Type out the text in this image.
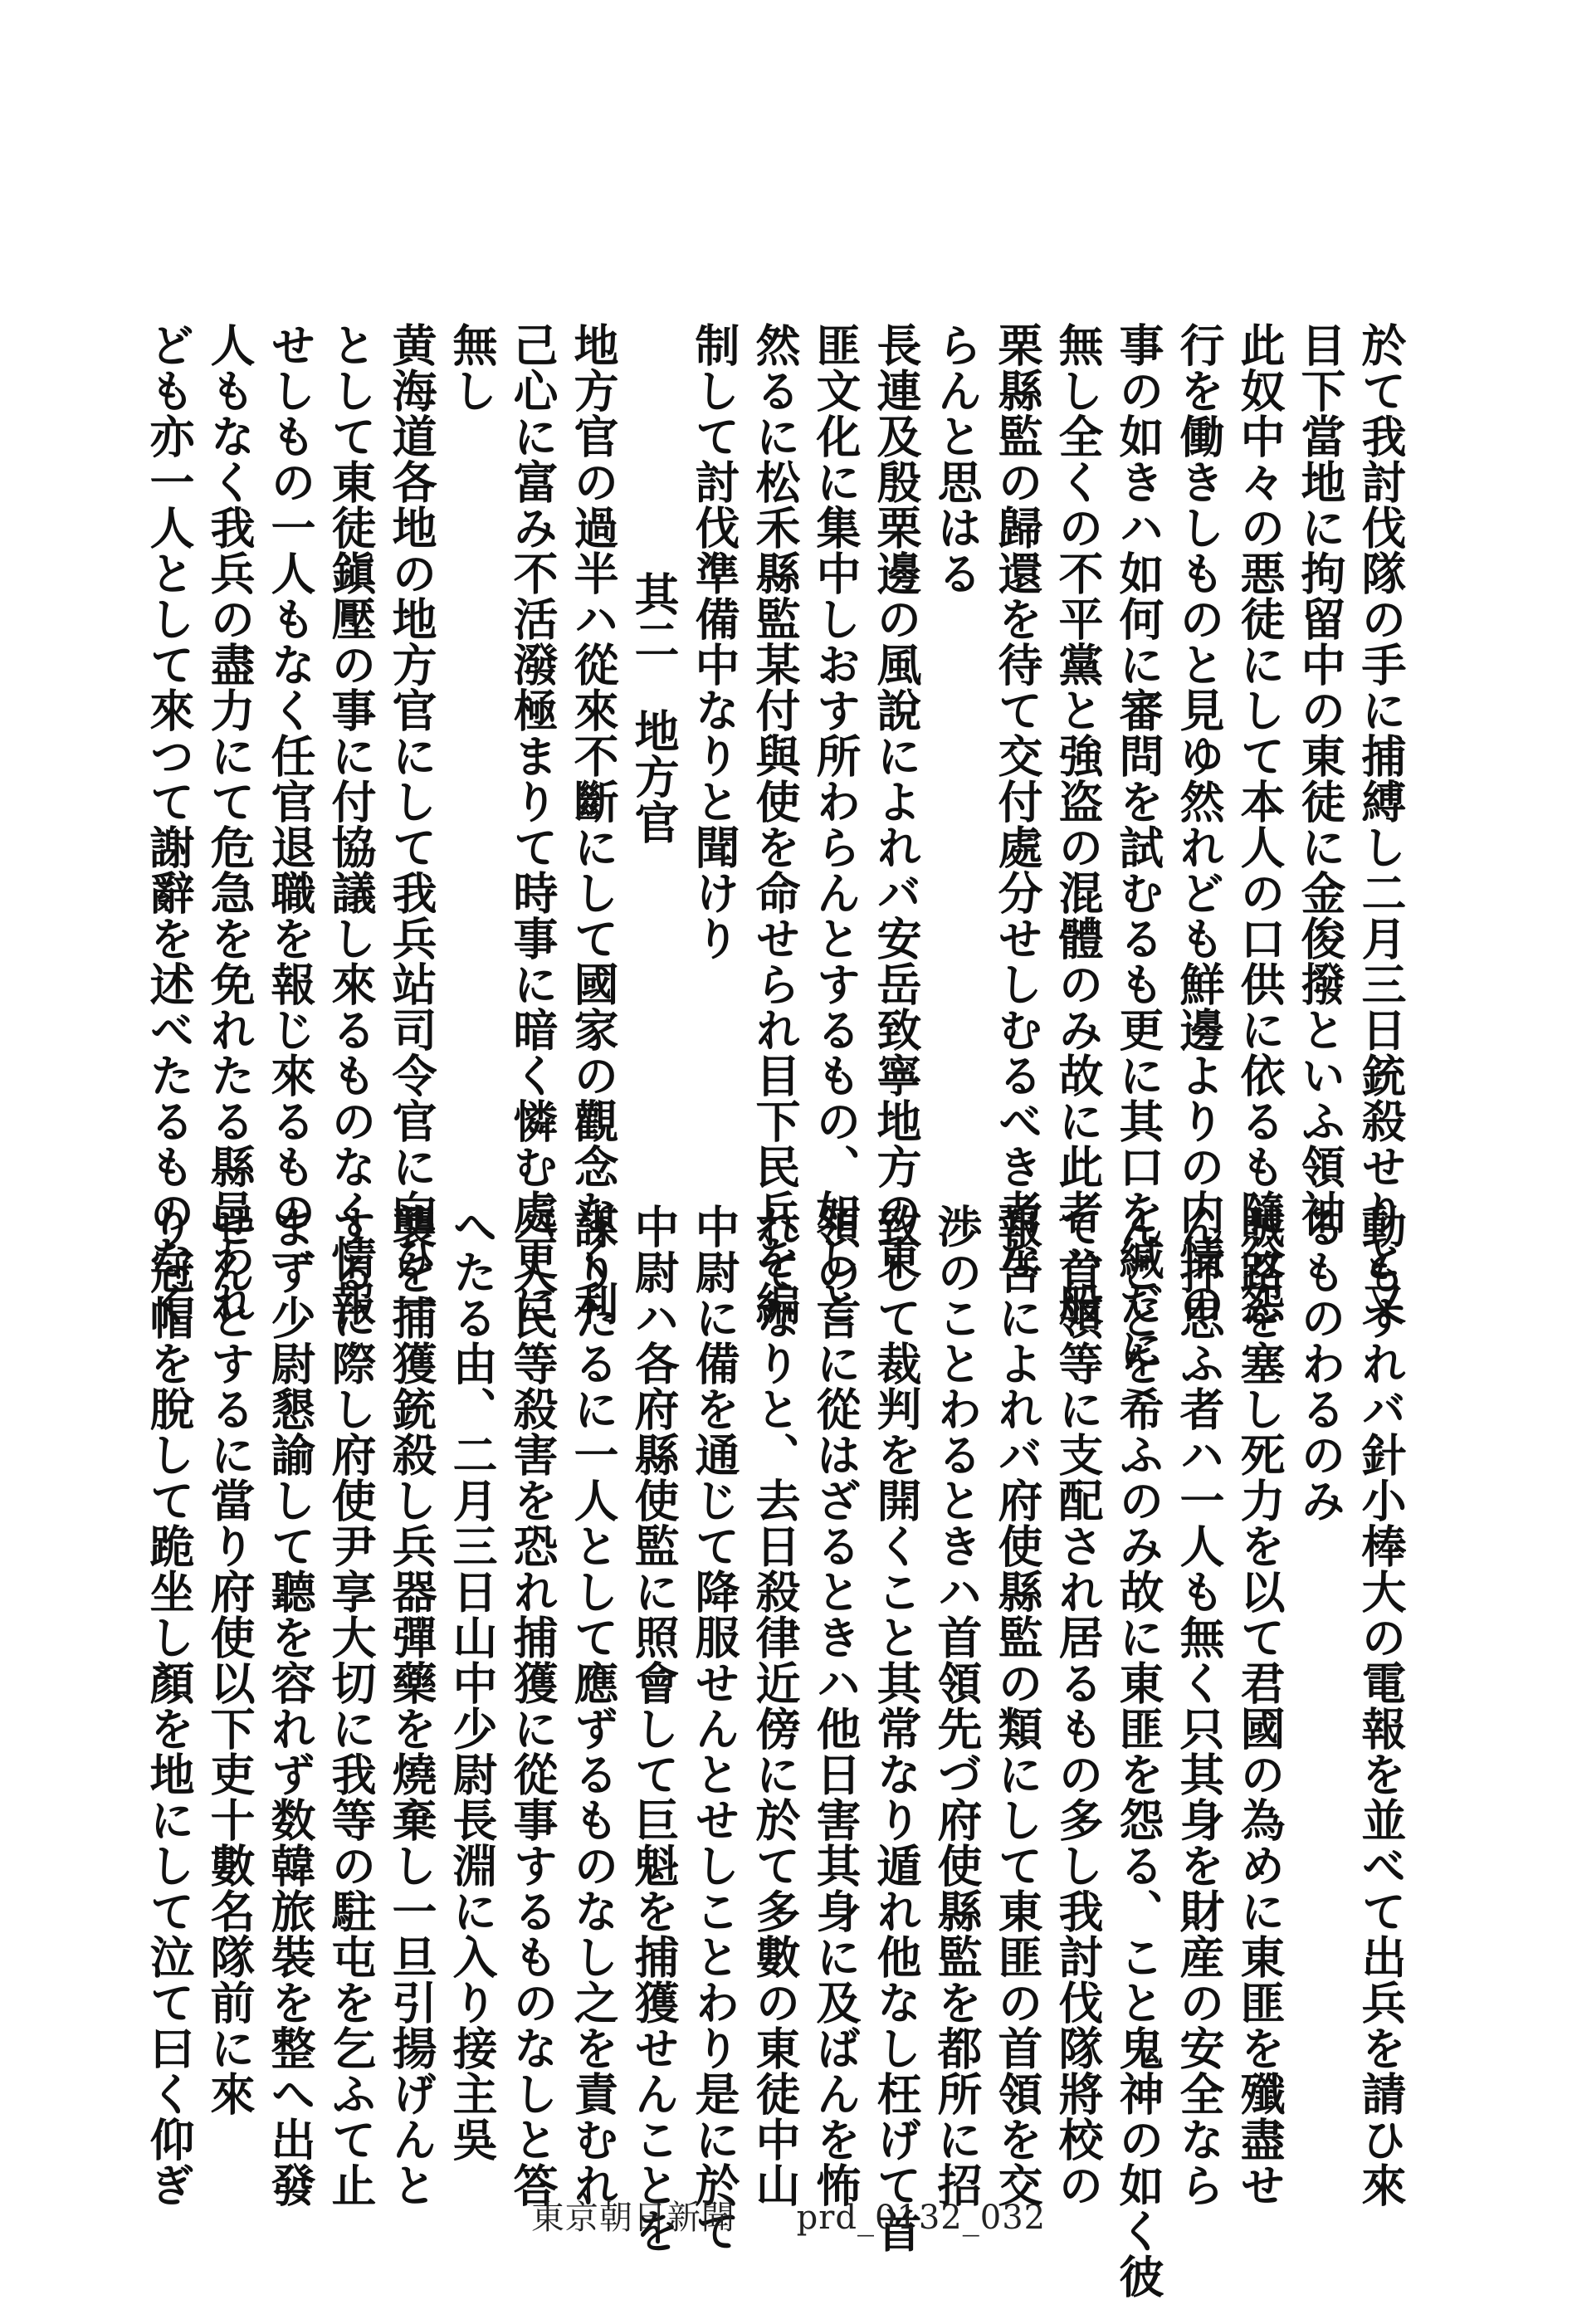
於て我討伐隊の手に捕縛し二月三日銃殺せりと又
目下當地に拘留中の東徒に金俊撥といふ領袖
此奴中々の悪徒にして本人の口供に依るも隨分怨
行を働きしものと見ゆ然れども鮮邊よりの内情の
事の如きハ如何に審問を試むるも更に其口を緘だに
無し全くの不平黨と強盗の混體のみ故に此者ハ般
栗縣監の歸還を待て交付處分せしむるべき者な
らんと思はる
長連及殷栗邊の風說によれバ安岳致寧地方の東
匪文化に集中しおす所わらんとするもの、如しと
然るに松禾縣監某付與使を命せられ目下民兵を編
制して討伐準備中なりと聞けり
其二　地方官
地方官の過半ハ從來不斷にして國家の觀念なく利
己心に富み不活潑極まりて時事に暗く憐む處更に
無し
黄海道各地の地方官にして我兵站司令官に向ひ一
として東徒鎭壓の事に付協議し來るものなく情報
せしもの一人もなく任官退職を報じ來るもの一
人もなく我兵の盡力にて危急を免れたる縣邑われ
ども亦一人として來つて謝辭を述べたるものなく
動もすれバ針小棒大の電報を並べて出兵を請ひ來
るものわるのみ
賊路を塞し死力を以て君國の為めに東匪を殲盡せ
ん抔思ふ者ハ一人も無く只其身を財産の安全なら
んことを希ふのみ故に東匪を怨る、こと鬼神の如く彼
て首領等に支配され居るもの多し我討伐隊將校の
報告によれバ府使縣監の類にして東匪の首領を交
渉のことわるときハ首領先づ府使縣監を都所に招
致して裁判を開くこと其常なり遁れ他なし枉げて首
領の言に從はざるときハ他日害其身に及ばんを怖
れてなりと、去日殺律近傍に於て多數の東徒中山
中尉に備を通じて降服せんとせしことわり是に於て
中尉ハ各府縣使監に照會して巨魁を捕獲せんことを
謀りたるに一人として應ずるものなし之を責むれ
バ人民等殺害を恐れ捕獲に從事するものなしと答
へたる由、二月三日山中少尉長淵に入り接主吳
襲を捕獲銃殺し兵器彈藥を燒棄し一旦引揚げんと
するに際し府使尹享大切に我等の駐屯を乞ふて止
まず少尉懇諭して聽を容れず数韓旅裝を整へ出發
せんとするに當り府使以下吏十數名隊前に來
り冠帽を脫して跪坐し顏を地にして泣て曰く仰ぎ
東京朝日新聞 prd_0132_032
